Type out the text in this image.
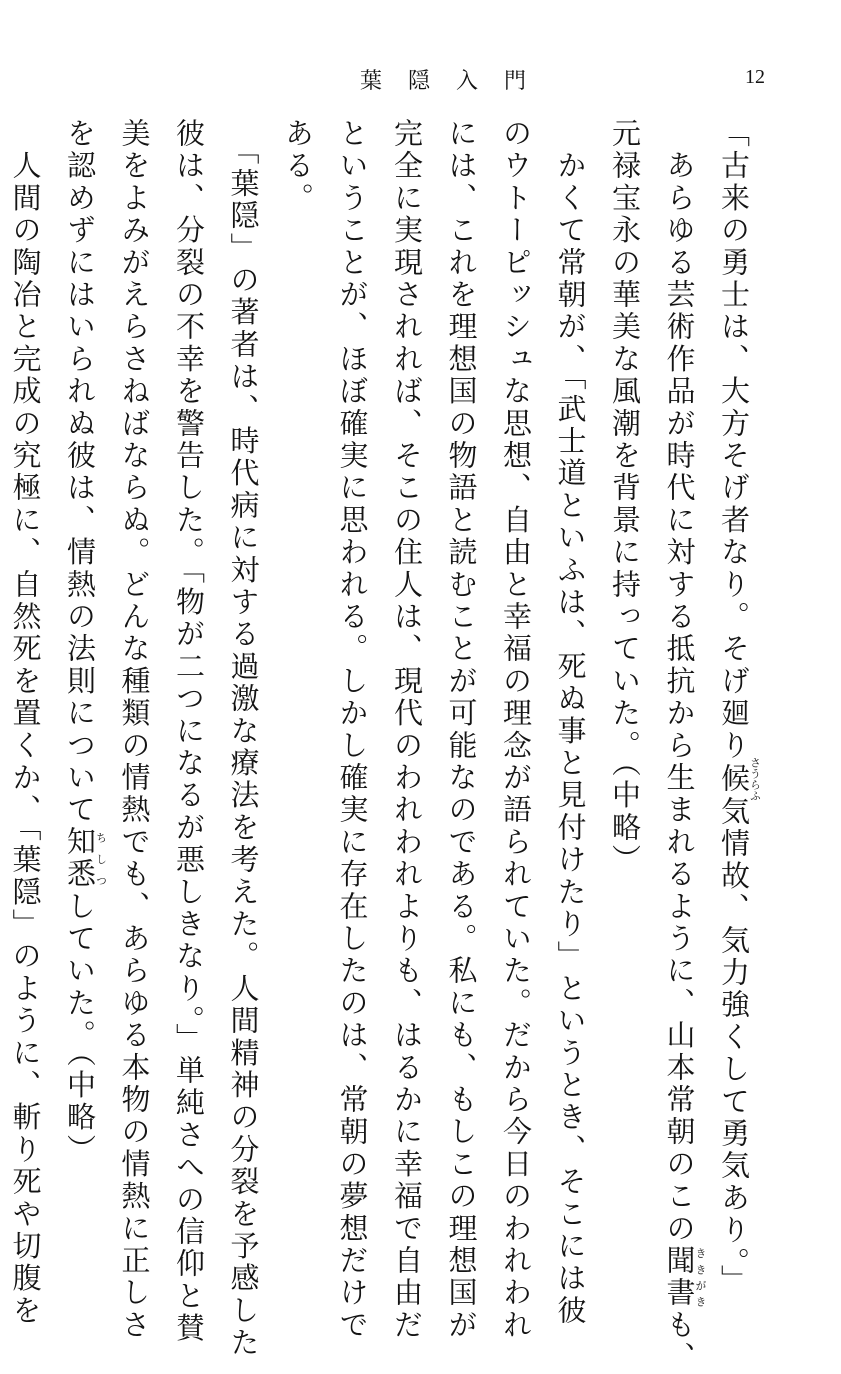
葉隠入門	12

「古来の勇士は、大方そげ者なり。そげ廻り候さうらふ気情故、気力強くして勇気あり。」

　あらゆる芸術作品が時代に対する抵抗から生まれるように、山本常朝のこの聞書ききがきも、

元禄宝永の華美な風潮を背景に持っていた。（中略）

　かくて常朝が、「武士道といふは、死ぬ事と見付けたり」というとき、そこには彼

のウトーピッシュな思想、自由と幸福の理念が語られていた。だから今日のわれわれ

には、これを理想国の物語と読むことが可能なのである。私にも、もしこの理想国が

完全に実現されれば、そこの住人は、現代のわれわれよりも、はるかに幸福で自由だ

ということが、ほぼ確実に思われる。しかし確実に存在したのは、常朝の夢想だけで

ある。

　「葉隠」の著者は、時代病に対する過激な療法を考えた。人間精神の分裂を予感した

彼は、分裂の不幸を警告した。「物が二つになるが悪しきなり。」単純さへの信仰と賛

美をよみがえらさねばならぬ。どんな種類の情熱でも、あらゆる本物の情熱に正しさ

を認めずにはいられぬ彼は、情熱の法則について知悉ちしつしていた。（中略）

　人間の陶冶と完成の究極に、自然死を置くか、「葉隠」のように、斬り死や切腹を
